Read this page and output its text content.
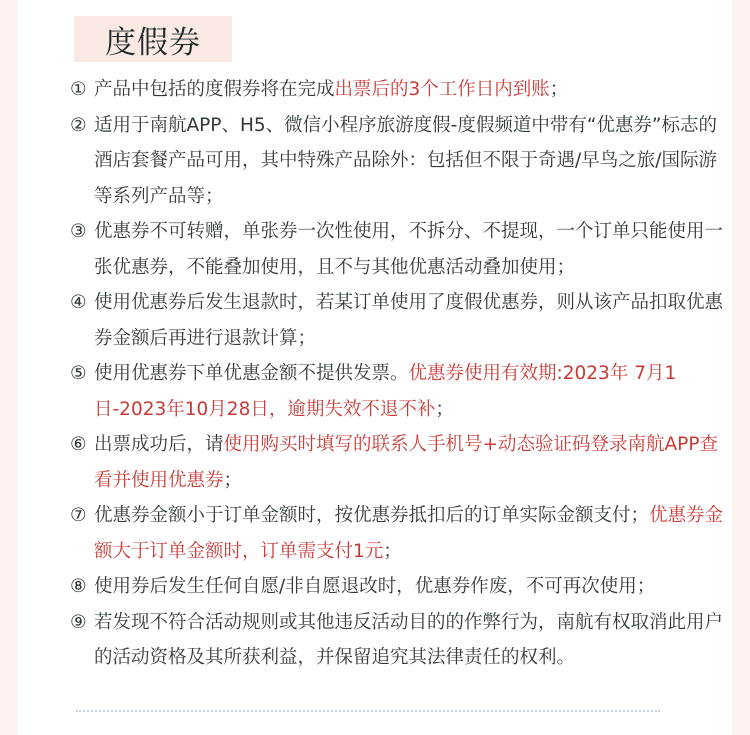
度假券
① 产品中包括的度假券将在完成出票后的3个工作日内到账；
② 适用于南航APP、H5、微信小程序旅游度假-度假频道中带有“优惠券”标志的酒店套餐产品可用，其中特殊产品除外：包括但不限于奇遇/早鸟之旅/国际游等系列产品等；
③ 优惠券不可转赠，单张券一次性使用，不拆分、不提现，一个订单只能使用一张优惠券，不能叠加使用，且不与其他优惠活动叠加使用；
④ 使用优惠券后发生退款时，若某订单使用了度假优惠券，则从该产品扣取优惠券金额后再进行退款计算；
⑤ 使用优惠券下单优惠金额不提供发票。优惠券使用有效期:2023年 7月1日-2023年10月28日，逾期失效不退不补；
⑥ 出票成功后，请使用购买时填写的联系人手机号+动态验证码登录南航APP查看并使用优惠券；
⑦ 优惠券金额小于订单金额时，按优惠券抵扣后的订单实际金额支付；优惠券金额大于订单金额时，订单需支付1元；
⑧ 使用券后发生任何自愿/非自愿退改时，优惠券作废，不可再次使用；
⑨ 若发现不符合活动规则或其他违反活动目的的作弊行为，南航有权取消此用户的活动资格及其所获利益，并保留追究其法律责任的权利。
